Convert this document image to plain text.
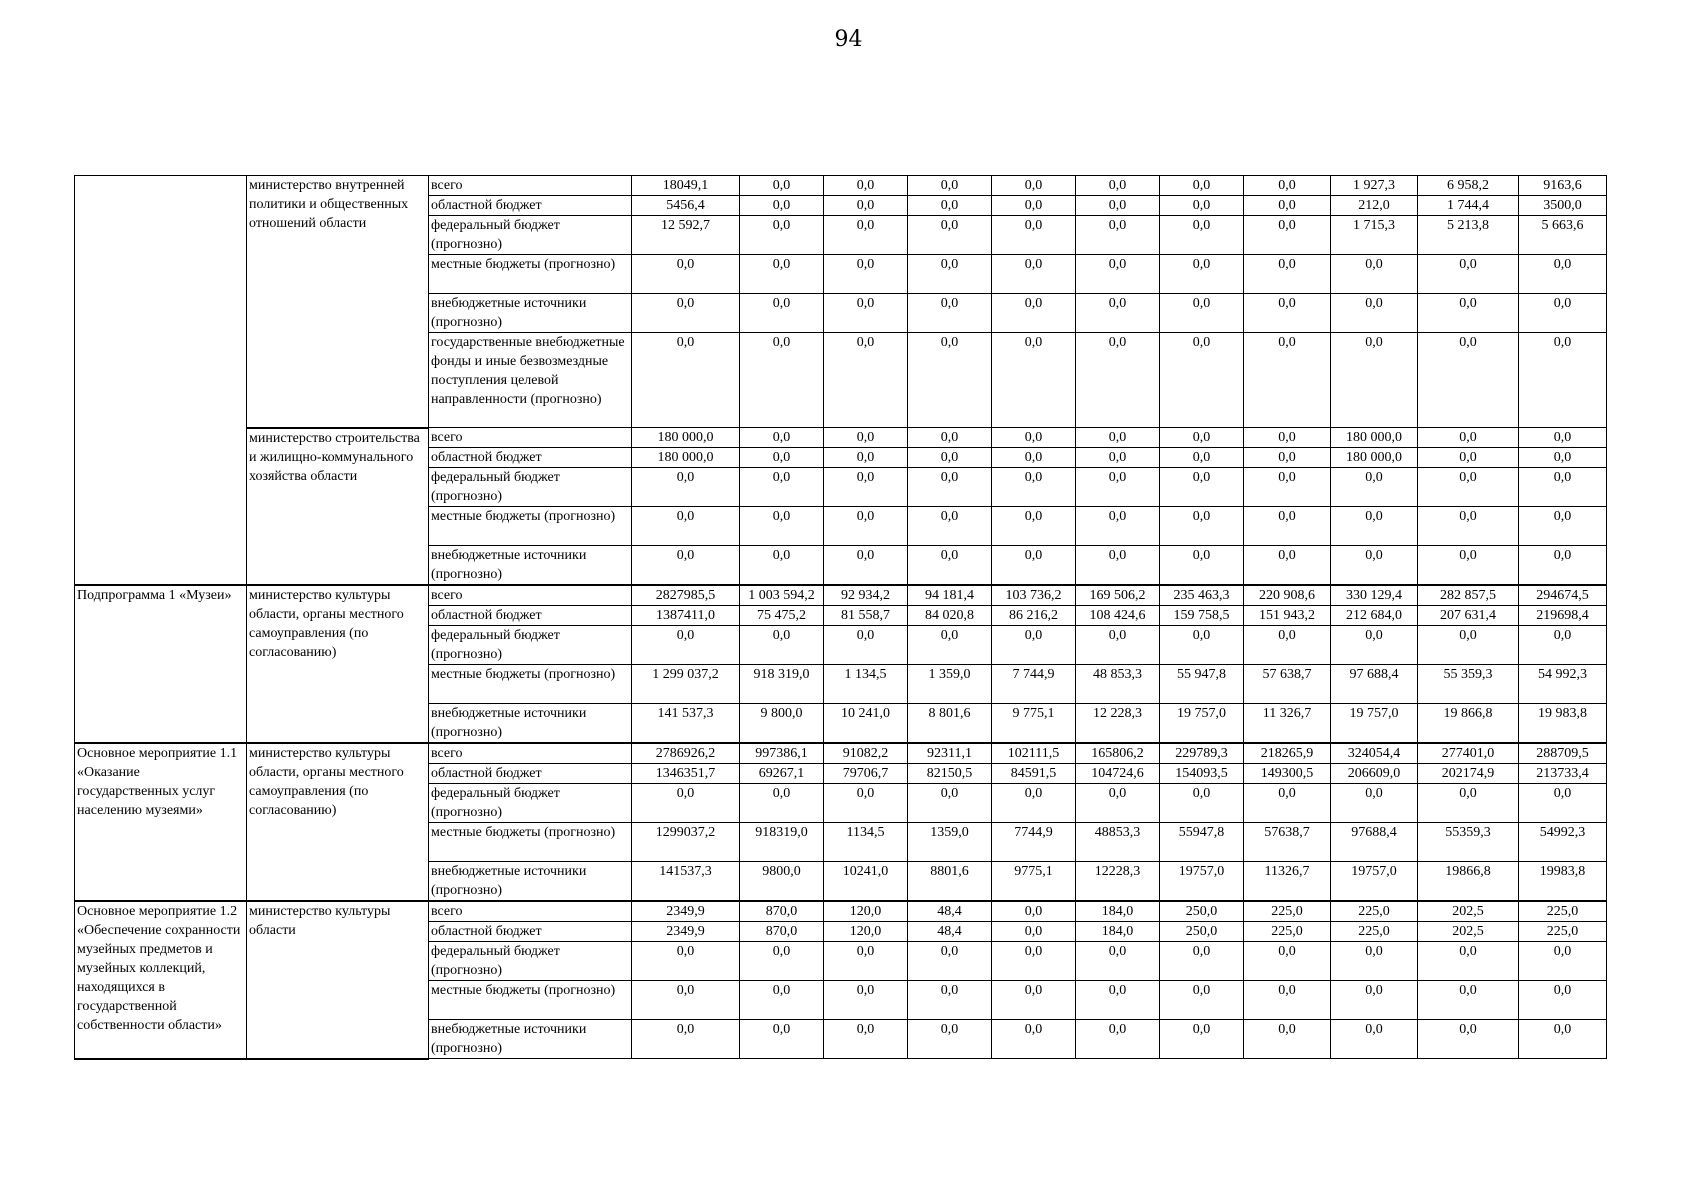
94
	министерство внутренней политики и общественных отношений области	всего	18049,1	0,0	0,0	0,0	0,0	0,0	0,0	0,0	1 927,3	6 958,2	9163,6
		областной бюджет	5456,4	0,0	0,0	0,0	0,0	0,0	0,0	0,0	212,0	1 744,4	3500,0
		федеральный бюджет (прогнозно)	12 592,7	0,0	0,0	0,0	0,0	0,0	0,0	0,0	1 715,3	5 213,8	5 663,6
		местные бюджеты (прогнозно)	0,0	0,0	0,0	0,0	0,0	0,0	0,0	0,0	0,0	0,0	0,0
		внебюджетные источники (прогнозно)	0,0	0,0	0,0	0,0	0,0	0,0	0,0	0,0	0,0	0,0	0,0
		государственные внебюджетные фонды и иные безвозмездные поступления целевой направленности (прогнозно)	0,0	0,0	0,0	0,0	0,0	0,0	0,0	0,0	0,0	0,0	0,0
	министерство строительства и жилищно-коммунального хозяйства области	всего	180 000,0	0,0	0,0	0,0	0,0	0,0	0,0	0,0	180 000,0	0,0	0,0
		областной бюджет	180 000,0	0,0	0,0	0,0	0,0	0,0	0,0	0,0	180 000,0	0,0	0,0
		федеральный бюджет (прогнозно)	0,0	0,0	0,0	0,0	0,0	0,0	0,0	0,0	0,0	0,0	0,0
		местные бюджеты (прогнозно)	0,0	0,0	0,0	0,0	0,0	0,0	0,0	0,0	0,0	0,0	0,0
		внебюджетные источники (прогнозно)	0,0	0,0	0,0	0,0	0,0	0,0	0,0	0,0	0,0	0,0	0,0
Подпрограмма 1 «Музеи»	министерство культуры области, органы местного самоуправления (по согласованию)	всего	2827985,5	1 003 594,2	92 934,2	94 181,4	103 736,2	169 506,2	235 463,3	220 908,6	330 129,4	282 857,5	294674,5
		областной бюджет	1387411,0	75 475,2	81 558,7	84 020,8	86 216,2	108 424,6	159 758,5	151 943,2	212 684,0	207 631,4	219698,4
		федеральный бюджет (прогнозно)	0,0	0,0	0,0	0,0	0,0	0,0	0,0	0,0	0,0	0,0	0,0
		местные бюджеты (прогнозно)	1 299 037,2	918 319,0	1 134,5	1 359,0	7 744,9	48 853,3	55 947,8	57 638,7	97 688,4	55 359,3	54 992,3
		внебюджетные источники (прогнозно)	141 537,3	9 800,0	10 241,0	8 801,6	9 775,1	12 228,3	19 757,0	11 326,7	19 757,0	19 866,8	19 983,8
Основное мероприятие 1.1 «Оказание государственных услуг населению музеями»	министерство культуры области, органы местного самоуправления (по согласованию)	всего	2786926,2	997386,1	91082,2	92311,1	102111,5	165806,2	229789,3	218265,9	324054,4	277401,0	288709,5
		областной бюджет	1346351,7	69267,1	79706,7	82150,5	84591,5	104724,6	154093,5	149300,5	206609,0	202174,9	213733,4
		федеральный бюджет (прогнозно)	0,0	0,0	0,0	0,0	0,0	0,0	0,0	0,0	0,0	0,0	0,0
		местные бюджеты (прогнозно)	1299037,2	918319,0	1134,5	1359,0	7744,9	48853,3	55947,8	57638,7	97688,4	55359,3	54992,3
		внебюджетные источники (прогнозно)	141537,3	9800,0	10241,0	8801,6	9775,1	12228,3	19757,0	11326,7	19757,0	19866,8	19983,8
Основное мероприятие 1.2 «Обеспечение сохранности музейных предметов и музейных коллекций, находящихся в государственной собственности области»	министерство культуры области	всего	2349,9	870,0	120,0	48,4	0,0	184,0	250,0	225,0	225,0	202,5	225,0
		областной бюджет	2349,9	870,0	120,0	48,4	0,0	184,0	250,0	225,0	225,0	202,5	225,0
		федеральный бюджет (прогнозно)	0,0	0,0	0,0	0,0	0,0	0,0	0,0	0,0	0,0	0,0	0,0
		местные бюджеты (прогнозно)	0,0	0,0	0,0	0,0	0,0	0,0	0,0	0,0	0,0	0,0	0,0
		внебюджетные источники (прогнозно)	0,0	0,0	0,0	0,0	0,0	0,0	0,0	0,0	0,0	0,0	0,0
